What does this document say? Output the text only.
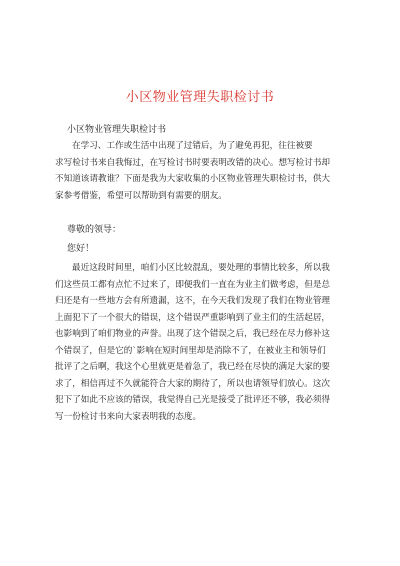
小区物业管理失职检讨书

小区物业管理失职检讨书

在学习、工作或生活中出现了过错后，为了避免再犯，往往被要
求写检讨书来自我悔过，在写检讨书时要表明改错的决心。想写检讨书却
不知道该请教谁？下面是我为大家收集的小区物业管理失职检讨书，供大
家参考借鉴，希望可以帮助到有需要的朋友。

尊敬的领导：

您好！

最近这段时间里，咱们小区比较混乱，要处理的事情比较多，所以我
们这些员工都有点忙不过来了，即便我们一直在为业主们做考虑，但是总
归还是有一些地方会有所遗漏，这不，在今天我们发现了我们在物业管理
上面犯下了一个很大的错误，这个错误严重影响到了业主们的生活起居，
也影响到了咱们物业的声誉。出现了这个错误之后，我已经在尽力修补这
个错误了，但是它的`影响在短时间里却是消除不了，在被业主和领导们
批评了之后啊，我这个心里就更是着急了，我已经在尽快的满足大家的要
求了，相信再过不久就能符合大家的期待了，所以也请领导们放心。这次
犯下了如此不应该的错误，我觉得自己光是接受了批评还不够，我必须得
写一份检讨书来向大家表明我的态度。
